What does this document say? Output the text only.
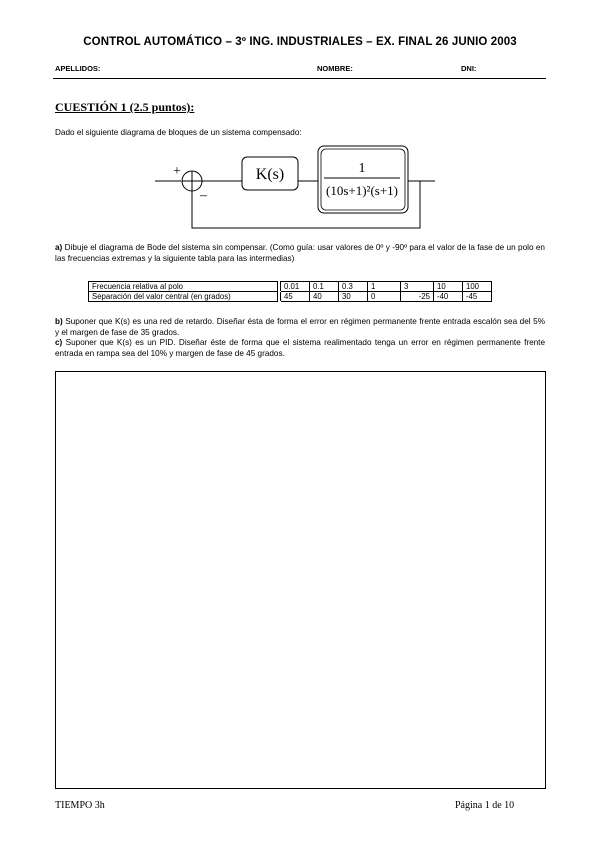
CONTROL AUTOMÁTICO – 3º ING. INDUSTRIALES – EX. FINAL 26 JUNIO 2003
APELLIDOS:	NOMBRE:	DNI:
CUESTIÓN 1 (2.5 puntos):
Dado el siguiente diagrama de bloques de un sistema compensado:
+
–
K(s)	1
(10s+1)²(s+1)
a) Dibuje el diagrama de Bode del sistema sin compensar. (Como guía: usar valores de 0º y -90º para el valor de la fase de un polo en las frecuencias extremas y la siguiente tabla para las intermedias)
Frecuencia relativa al polo		0.01	0.1	0.3	1	3	10	100
Separación del valor central (en grados)		45	40	30	0	-25	-40	-45
b) Suponer que K(s) es una red de retardo. Diseñar ésta de forma el error en régimen permanente frente entrada escalón sea del 5% y el margen de fase de 35 grados.
c) Suponer que K(s) es un PID. Diseñar éste de forma que el sistema realimentado tenga un error en régimen permanente frente entrada en rampa sea del 10% y margen de fase de 45 grados.
TIEMPO 3h	Página 1 de 10
